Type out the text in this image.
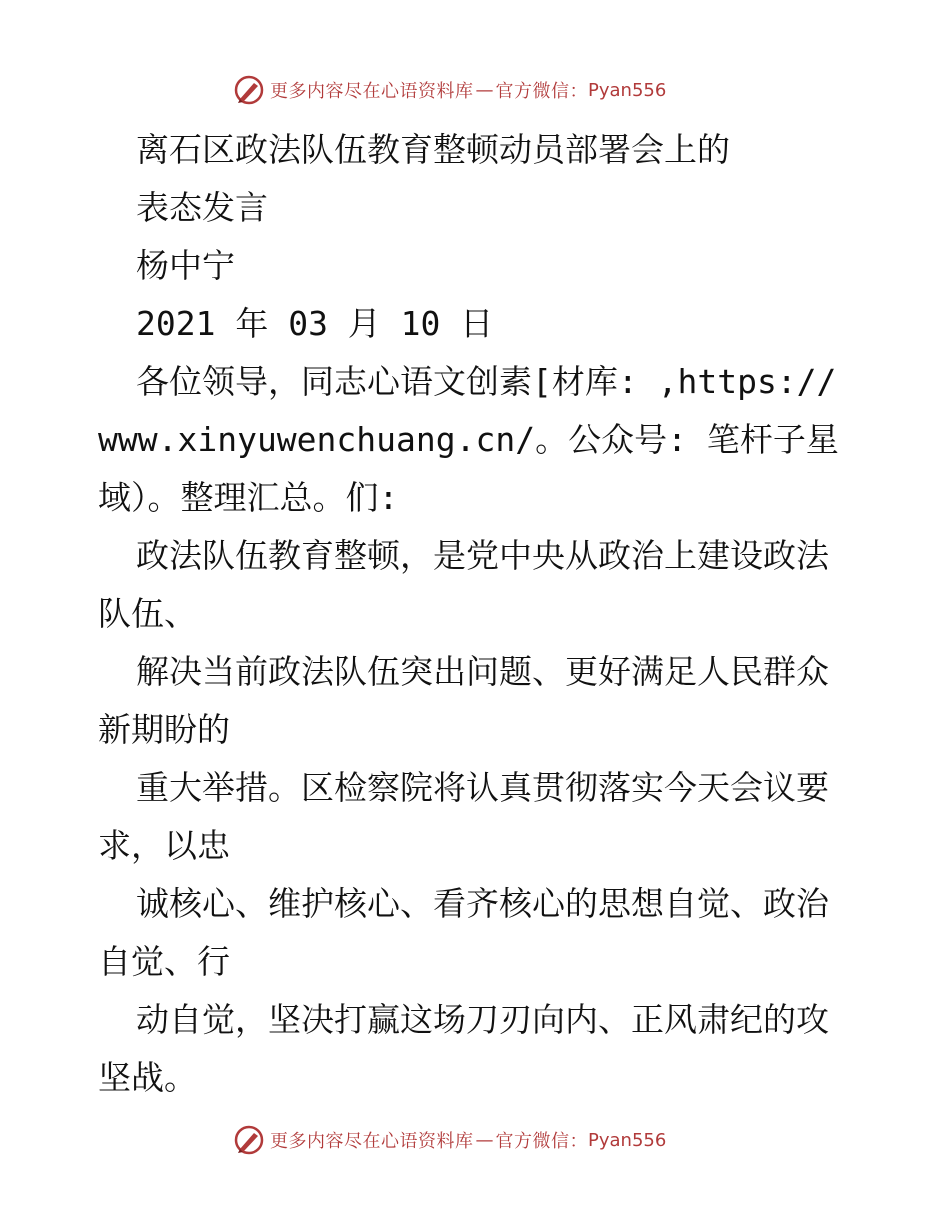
更多内容尽在心语资料库 — 官方微信： Pyan556
离石区政法队伍教育整顿动员部署会上的
表态发言
杨中宁
2021 年 03 月 10 日
各位领导，同志心语文创素[材库: ,https://
www.xinyuwenchuang.cn/。公众号: 笔杆子星
域）。整理汇总。们:
政法队伍教育整顿，是党中央从政治上建设政法
队伍、
解决当前政法队伍突出问题、更好满足人民群众
新期盼的
重大举措。区检察院将认真贯彻落实今天会议要
求，以忠
诚核心、维护核心、看齐核心的思想自觉、政治
自觉、行
动自觉，坚决打赢这场刀刃向内、正风肃纪的攻
坚战。
更多内容尽在心语资料库 — 官方微信： Pyan556
